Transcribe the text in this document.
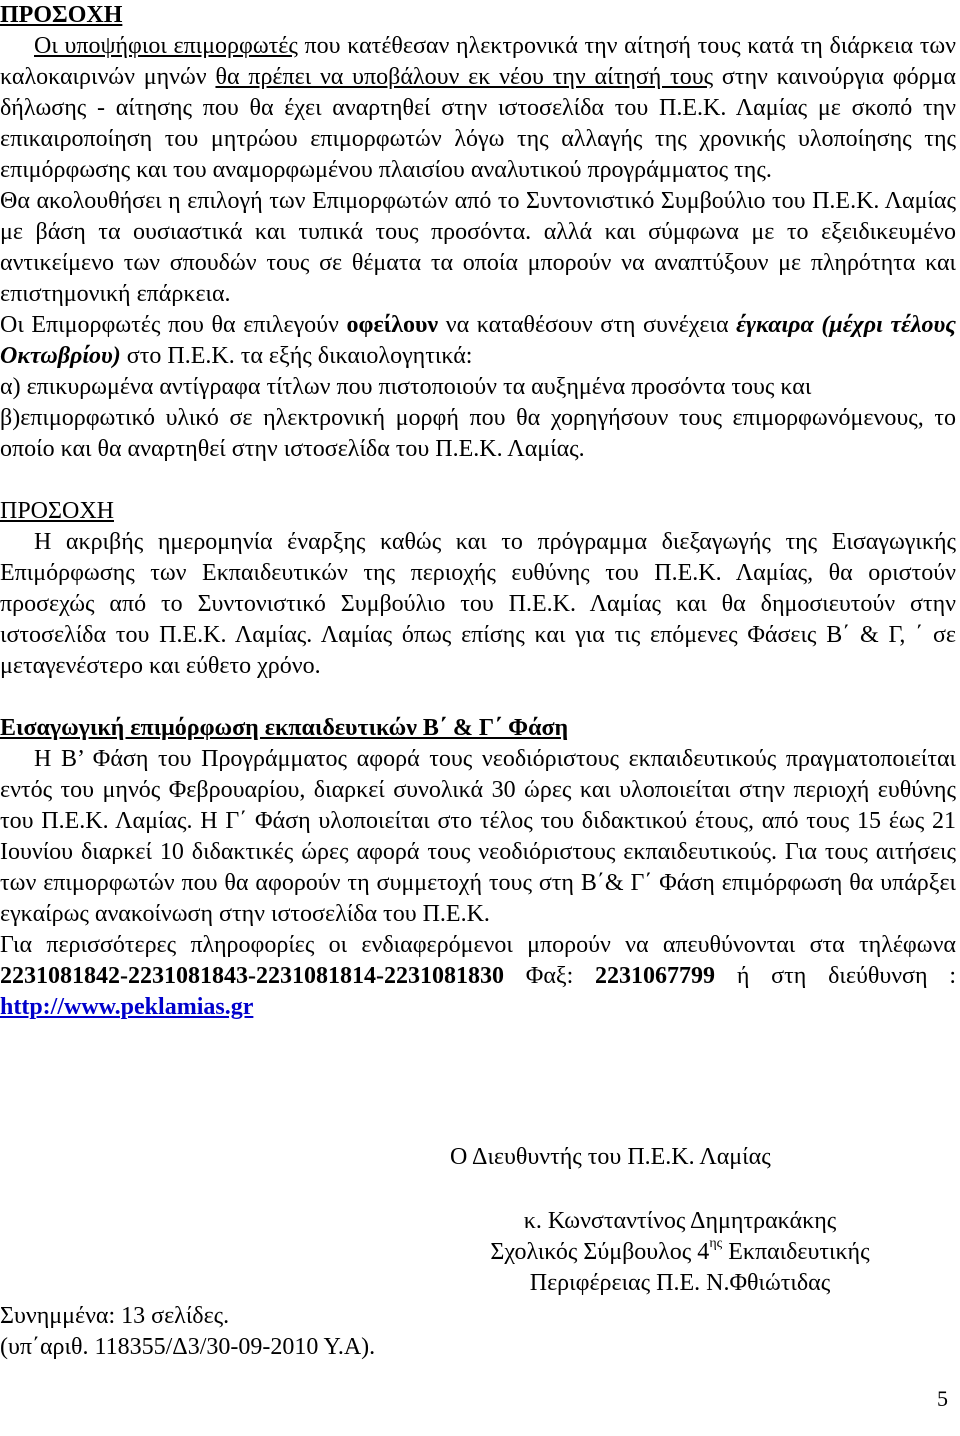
ΠΡΟΣΟΧΗ

Οι υποψήφιοι επιμορφωτές που κατέθεσαν ηλεκτρονικά την αίτησή τους κατά τη διάρκεια των καλοκαιρινών μηνών θα πρέπει να υποβάλουν εκ νέου την αίτησή τους στην καινούργια φόρμα δήλωσης - αίτησης που θα έχει αναρτηθεί στην ιστοσελίδα του Π.Ε.Κ. Λαμίας με σκοπό την επικαιροποίηση του μητρώου επιμορφωτών λόγω της αλλαγής της χρονικής υλοποίησης της επιμόρφωσης και του αναμορφωμένου πλαισίου αναλυτικού προγράμματος της.

Θα ακολουθήσει η επιλογή των Επιμορφωτών από το Συντονιστικό Συμβούλιο του Π.Ε.Κ. Λαμίας με βάση τα ουσιαστικά και τυπικά τους προσόντα. αλλά και σύμφωνα με το εξειδικευμένο αντικείμενο των σπουδών τους σε θέματα τα οποία μπορούν να αναπτύξουν με πληρότητα και επιστημονική επάρκεια.

Οι Επιμορφωτές που θα επιλεγούν οφείλουν να καταθέσουν στη συνέχεια έγκαιρα (μέχρι τέλους Οκτωβρίου) στο Π.Ε.Κ. τα εξής δικαιολογητικά:

α) επικυρωμένα αντίγραφα τίτλων που πιστοποιούν τα αυξημένα προσόντα τους και

β)επιμορφωτικό υλικό σε ηλεκτρονική μορφή που θα χορηγήσουν τους επιμορφωνόμενους, το οποίο και θα αναρτηθεί στην ιστοσελίδα του Π.Ε.Κ. Λαμίας.

ΠΡΟΣΟΧΗ

Η ακριβής ημερομηνία έναρξης καθώς και το πρόγραμμα διεξαγωγής της Εισαγωγικής Επιμόρφωσης των Εκπαιδευτικών της περιοχής ευθύνης του Π.Ε.Κ. Λαμίας, θα οριστούν προσεχώς από το Συντονιστικό Συμβούλιο του Π.Ε.Κ. Λαμίας και θα δημοσιευτούν στην ιστοσελίδα του Π.Ε.Κ. Λαμίας. Λαμίας όπως επίσης και για τις επόμενες Φάσεις Β΄ & Γ, ΄ σε μεταγενέστερο και εύθετο χρόνο.

Εισαγωγική επιμόρφωση εκπαιδευτικών Β΄ & Γ΄ Φάση

Η Β’ Φάση του Προγράμματος αφορά τους νεοδιόριστους εκπαιδευτικούς πραγματοποιείται εντός του μηνός Φεβρουαρίου, διαρκεί συνολικά 30 ώρες και υλοποιείται στην περιοχή ευθύνης του Π.Ε.Κ. Λαμίας. Η Γ΄ Φάση υλοποιείται στο τέλος του διδακτικού έτους, από τους 15 έως 21 Ιουνίου διαρκεί 10 διδακτικές ώρες αφορά τους νεοδιόριστους εκπαιδευτικούς. Για τους αιτήσεις των επιμορφωτών που θα αφορούν τη συμμετοχή τους στη Β΄& Γ΄ Φάση επιμόρφωση θα υπάρξει εγκαίρως ανακοίνωση στην ιστοσελίδα του Π.Ε.Κ.

Για περισσότερες πληροφορίες οι ενδιαφερόμενοι μπορούν να απευθύνονται στα τηλέφωνα 2231081842-2231081843-2231081814-2231081830 Φαξ: 2231067799 ή στη διεύθυνση : http://www.peklamias.gr

Ο Διευθυντής του Π.Ε.Κ. Λαμίας
κ. Κωνσταντίνος Δημητρακάκης
Σχολικός Σύμβουλος $4^{\eta\varsigma}$ Εκπαιδευτικής
Περιφέρειας Π.Ε. Ν.Φθιώτιδας
Συνημμένα: 13 σελίδες.
(υπ΄αριθ. 118355/Δ3/30-09-2010 Υ.Α).
5
